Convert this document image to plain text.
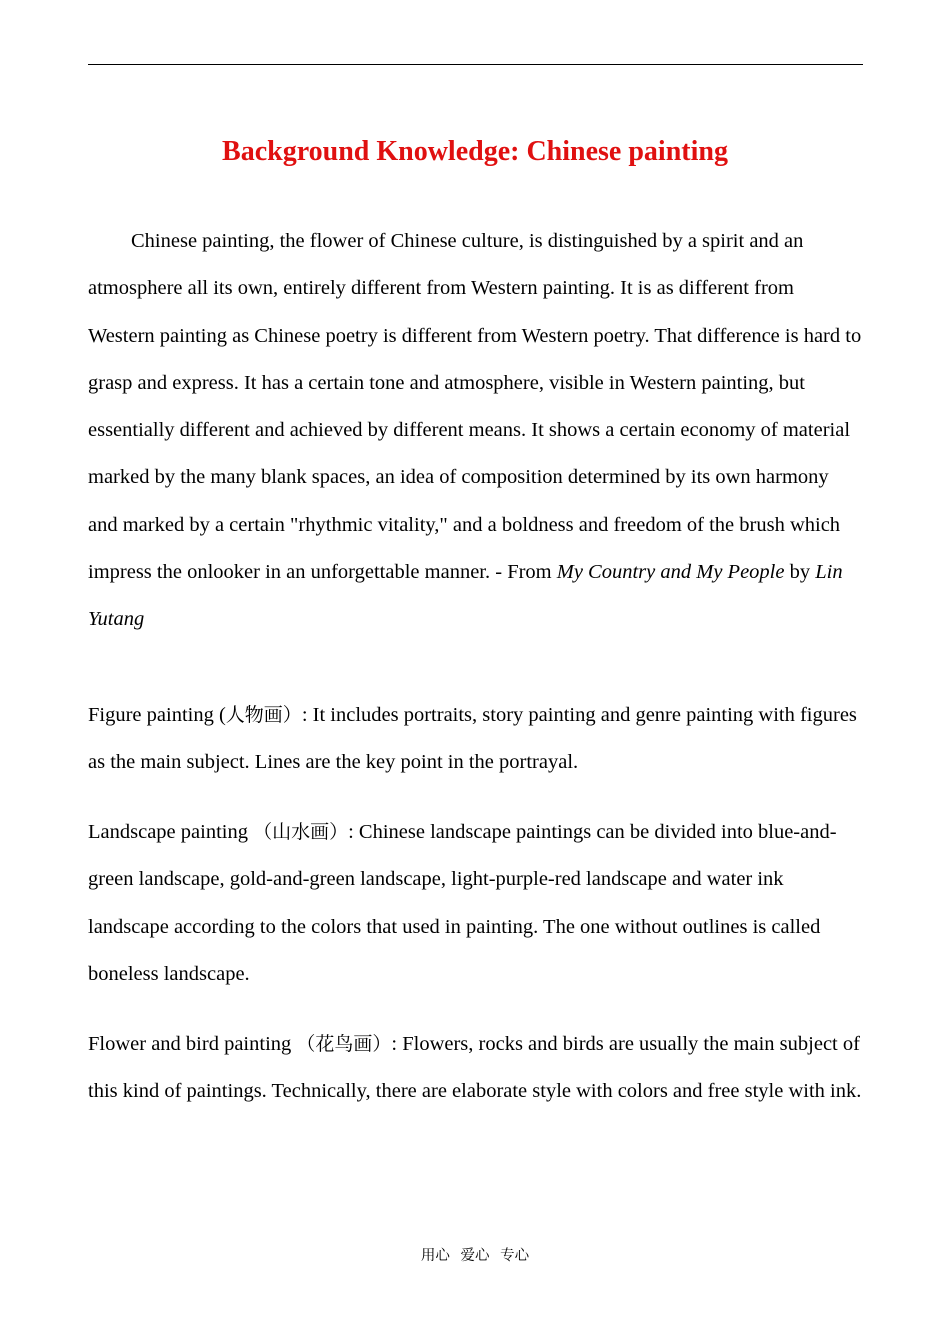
Background Knowledge: Chinese painting

Chinese painting, the flower of Chinese culture, is distinguished by a spirit and an atmosphere all its own, entirely different from Western painting. It is as different from Western painting as Chinese poetry is different from Western poetry. That difference is hard to grasp and express. It has a certain tone and atmosphere, visible in Western painting, but essentially different and achieved by different means. It shows a certain economy of material marked by the many blank spaces, an idea of composition determined by its own harmony and marked by a certain "rhythmic vitality," and a boldness and freedom of the brush which impress the onlooker in an unforgettable manner. - From My Country and My People by Lin Yutang

Figure painting (人物画）: It includes portraits, story painting and genre painting with figures as the main subject. Lines are the key point in the portrayal.

Landscape painting （山水画）: Chinese landscape paintings can be divided into blue-and-green landscape, gold-and-green landscape, light-purple-red landscape and water ink landscape according to the colors that used in painting. The one without outlines is called boneless landscape.

Flower and bird painting （花鸟画）: Flowers, rocks and birds are usually the main subject of this kind of paintings. Technically, there are elaborate style with colors and free style with ink.

用心 爱心 专心
